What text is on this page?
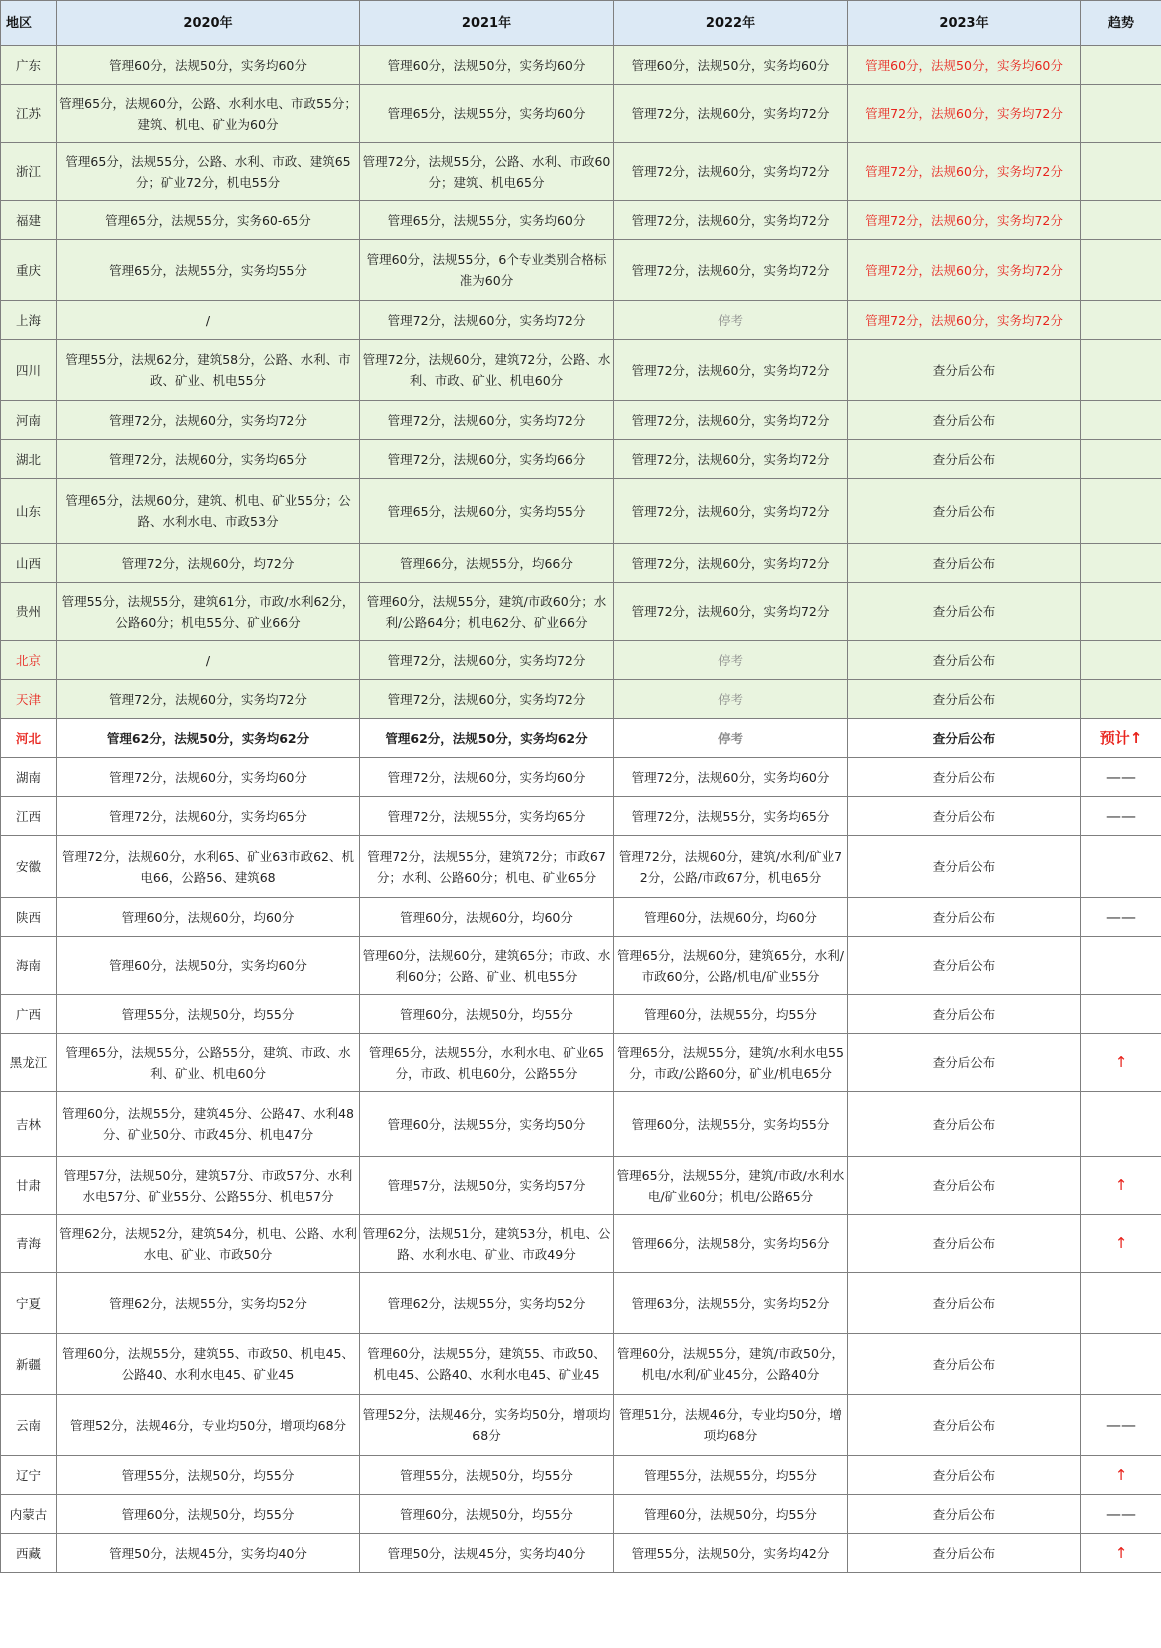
地区	2020年	2021年	2022年	2023年	趋势
广东	管理60分，法规50分，实务均60分	管理60分，法规50分，实务均60分	管理60分，法规50分，实务均60分	管理60分，法规50分，实务均60分	
江苏	管理65分，法规60分，公路、水利水电、市政55分；建筑、机电、矿业为60分	管理65分，法规55分，实务均60分	管理72分，法规60分，实务均72分	管理72分，法规60分，实务均72分	
浙江	管理65分，法规55分，公路、水利、市政、建筑65分；矿业72分，机电55分	管理72分，法规55分，公路、水利、市政60分；建筑、机电65分	管理72分，法规60分，实务均72分	管理72分，法规60分，实务均72分	
福建	管理65分，法规55分，实务60-65分	管理65分，法规55分，实务均60分	管理72分，法规60分，实务均72分	管理72分，法规60分，实务均72分	
重庆	管理65分，法规55分，实务均55分	管理60分，法规55分，6个专业类别合格标准为60分	管理72分，法规60分，实务均72分	管理72分，法规60分，实务均72分	
上海	/	管理72分，法规60分，实务均72分	停考	管理72分，法规60分，实务均72分	
四川	管理55分，法规62分，建筑58分，公路、水利、市政、矿业、机电55分	管理72分，法规60分，建筑72分，公路、水利、市政、矿业、机电60分	管理72分，法规60分，实务均72分	查分后公布	
河南	管理72分，法规60分，实务均72分	管理72分，法规60分，实务均72分	管理72分，法规60分，实务均72分	查分后公布	
湖北	管理72分，法规60分，实务均65分	管理72分，法规60分，实务均66分	管理72分，法规60分，实务均72分	查分后公布	
山东	管理65分，法规60分，建筑、机电、矿业55分；公路、水利水电、市政53分	管理65分，法规60分，实务均55分	管理72分，法规60分，实务均72分	查分后公布	
山西	管理72分，法规60分，均72分	管理66分，法规55分，均66分	管理72分，法规60分，实务均72分	查分后公布	
贵州	管理55分，法规55分，建筑61分，市政/水利62分，公路60分；机电55分、矿业66分	管理60分，法规55分，建筑/市政60分；水利/公路64分；机电62分、矿业66分	管理72分，法规60分，实务均72分	查分后公布	
北京	/	管理72分，法规60分，实务均72分	停考	查分后公布	
天津	管理72分，法规60分，实务均72分	管理72分，法规60分，实务均72分	停考	查分后公布	
河北	管理62分，法规50分，实务均62分	管理62分，法规50分，实务均62分	停考	查分后公布	预计↑
湖南	管理72分，法规60分，实务均60分	管理72分，法规60分，实务均60分	管理72分，法规60分，实务均60分	查分后公布	——
江西	管理72分，法规60分，实务均65分	管理72分，法规55分，实务均65分	管理72分，法规55分，实务均65分	查分后公布	——
安徽	管理72分，法规60分，水利65、矿业63市政62、机电66，公路56、建筑68	管理72分，法规55分，建筑72分；市政67分；水利、公路60分；机电、矿业65分	管理72分，法规60分，建筑/水利/矿业72分，公路/市政67分，机电65分	查分后公布	
陕西	管理60分，法规60分，均60分	管理60分，法规60分，均60分	管理60分，法规60分，均60分	查分后公布	——
海南	管理60分，法规50分，实务均60分	管理60分，法规60分，建筑65分；市政、水利60分；公路、矿业、机电55分	管理65分，法规60分，建筑65分，水利/市政60分，公路/机电/矿业55分	查分后公布	
广西	管理55分，法规50分，均55分	管理60分，法规50分，均55分	管理60分，法规55分，均55分	查分后公布	
黑龙江	管理65分，法规55分，公路55分，建筑、市政、水利、矿业、机电60分	管理65分，法规55分，水利水电、矿业65分，市政、机电60分，公路55分	管理65分，法规55分，建筑/水利水电55分，市政/公路60分，矿业/机电65分	查分后公布	↑
吉林	管理60分，法规55分，建筑45分、公路47、水利48分、矿业50分、市政45分、机电47分	管理60分，法规55分，实务均50分	管理60分，法规55分，实务均55分	查分后公布	
甘肃	管理57分，法规50分，建筑57分、市政57分、水利水电57分、矿业55分、公路55分、机电57分	管理57分，法规50分，实务均57分	管理65分，法规55分，建筑/市政/水利水电/矿业60分；机电/公路65分	查分后公布	↑
青海	管理62分，法规52分，建筑54分，机电、公路、水利水电、矿业、市政50分	管理62分，法规51分，建筑53分，机电、公路、水利水电、矿业、市政49分	管理66分，法规58分，实务均56分	查分后公布	↑
宁夏	管理62分，法规55分，实务均52分	管理62分，法规55分，实务均52分	管理63分，法规55分，实务均52分	查分后公布	
新疆	管理60分，法规55分，建筑55、市政50、机电45、公路40、水利水电45、矿业45	管理60分，法规55分，建筑55、市政50、机电45、公路40、水利水电45、矿业45	管理60分，法规55分，建筑/市政50分，机电/水利/矿业45分，公路40分	查分后公布	
云南	管理52分，法规46分，专业均50分，增项均68分	管理52分，法规46分，实务均50分，增项均68分	管理51分，法规46分，专业均50分，增项均68分	查分后公布	——
辽宁	管理55分，法规50分，均55分	管理55分，法规50分，均55分	管理55分，法规55分，均55分	查分后公布	↑
内蒙古	管理60分，法规50分，均55分	管理60分，法规50分，均55分	管理60分，法规50分，均55分	查分后公布	——
西藏	管理50分，法规45分，实务均40分	管理50分，法规45分，实务均40分	管理55分，法规50分，实务均42分	查分后公布	↑
